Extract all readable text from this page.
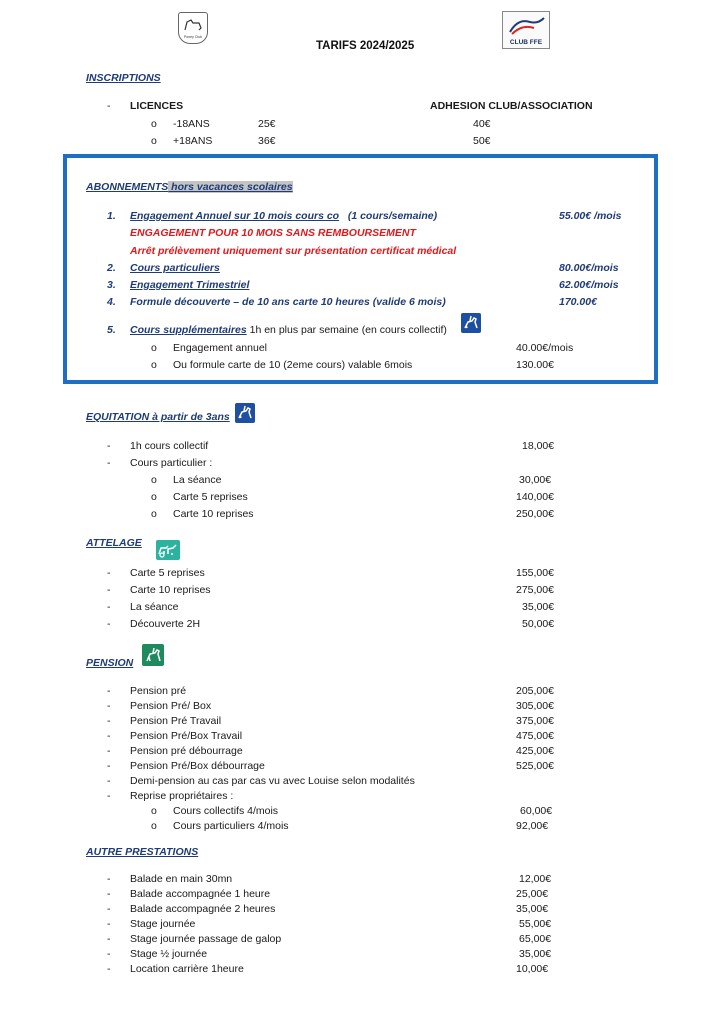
Poney Club
CLUB FFE
TARIFS 2024/2025
INSCRIPTIONS
- LICENCES	ADHESION CLUB/ASSOCIATION
o -18ANS	25€	40€
o +18ANS	36€	50€
ABONNEMENTS hors vacances scolaires
1. Engagement Annuel sur 10 mois cours co (1 cours/semaine)	55.00€ /mois
ENGAGEMENT POUR 10 MOIS SANS REMBOURSEMENT
Arrêt prélèvement uniquement sur présentation certificat médical
2. Cours particuliers	80.00€/mois
3. Engagement Trimestriel	62.00€/mois
4. Formule découverte – de 10 ans carte 10 heures (valide 6 mois)	170.00€
5. Cours supplémentaires 1h en plus par semaine (en cours collectif)
o Engagement annuel	40.00€/mois
o Ou formule carte de 10 (2eme cours) valable 6mois	130.00€
EQUITATION à partir de 3ans
- 1h cours collectif	18,00€
- Cours particulier :
o La séance	30,00€
o Carte 5 reprises	140,00€
o Carte 10 reprises	250,00€
ATTELAGE
- Carte 5 reprises	155,00€
- Carte 10 reprises	275,00€
- La séance	35,00€
- Découverte 2H	50,00€
PENSION
- Pension pré	205,00€
- Pension Pré/ Box	305,00€
- Pension Pré Travail	375,00€
- Pension Pré/Box Travail	475,00€
- Pension pré débourrage	425,00€
- Pension Pré/Box débourrage	525,00€
- Demi-pension au cas par cas vu avec Louise selon modalités
- Reprise propriétaires :
o Cours collectifs 4/mois	60,00€
o Cours particuliers 4/mois	92,00€
AUTRE PRESTATIONS
- Balade en main 30mn	12,00€
- Balade accompagnée 1 heure	25,00€
- Balade accompagnée 2 heures	35,00€
- Stage journée	55,00€
- Stage journée passage de galop	65,00€
- Stage ½ journée	35,00€
- Location carrière 1heure	10,00€
